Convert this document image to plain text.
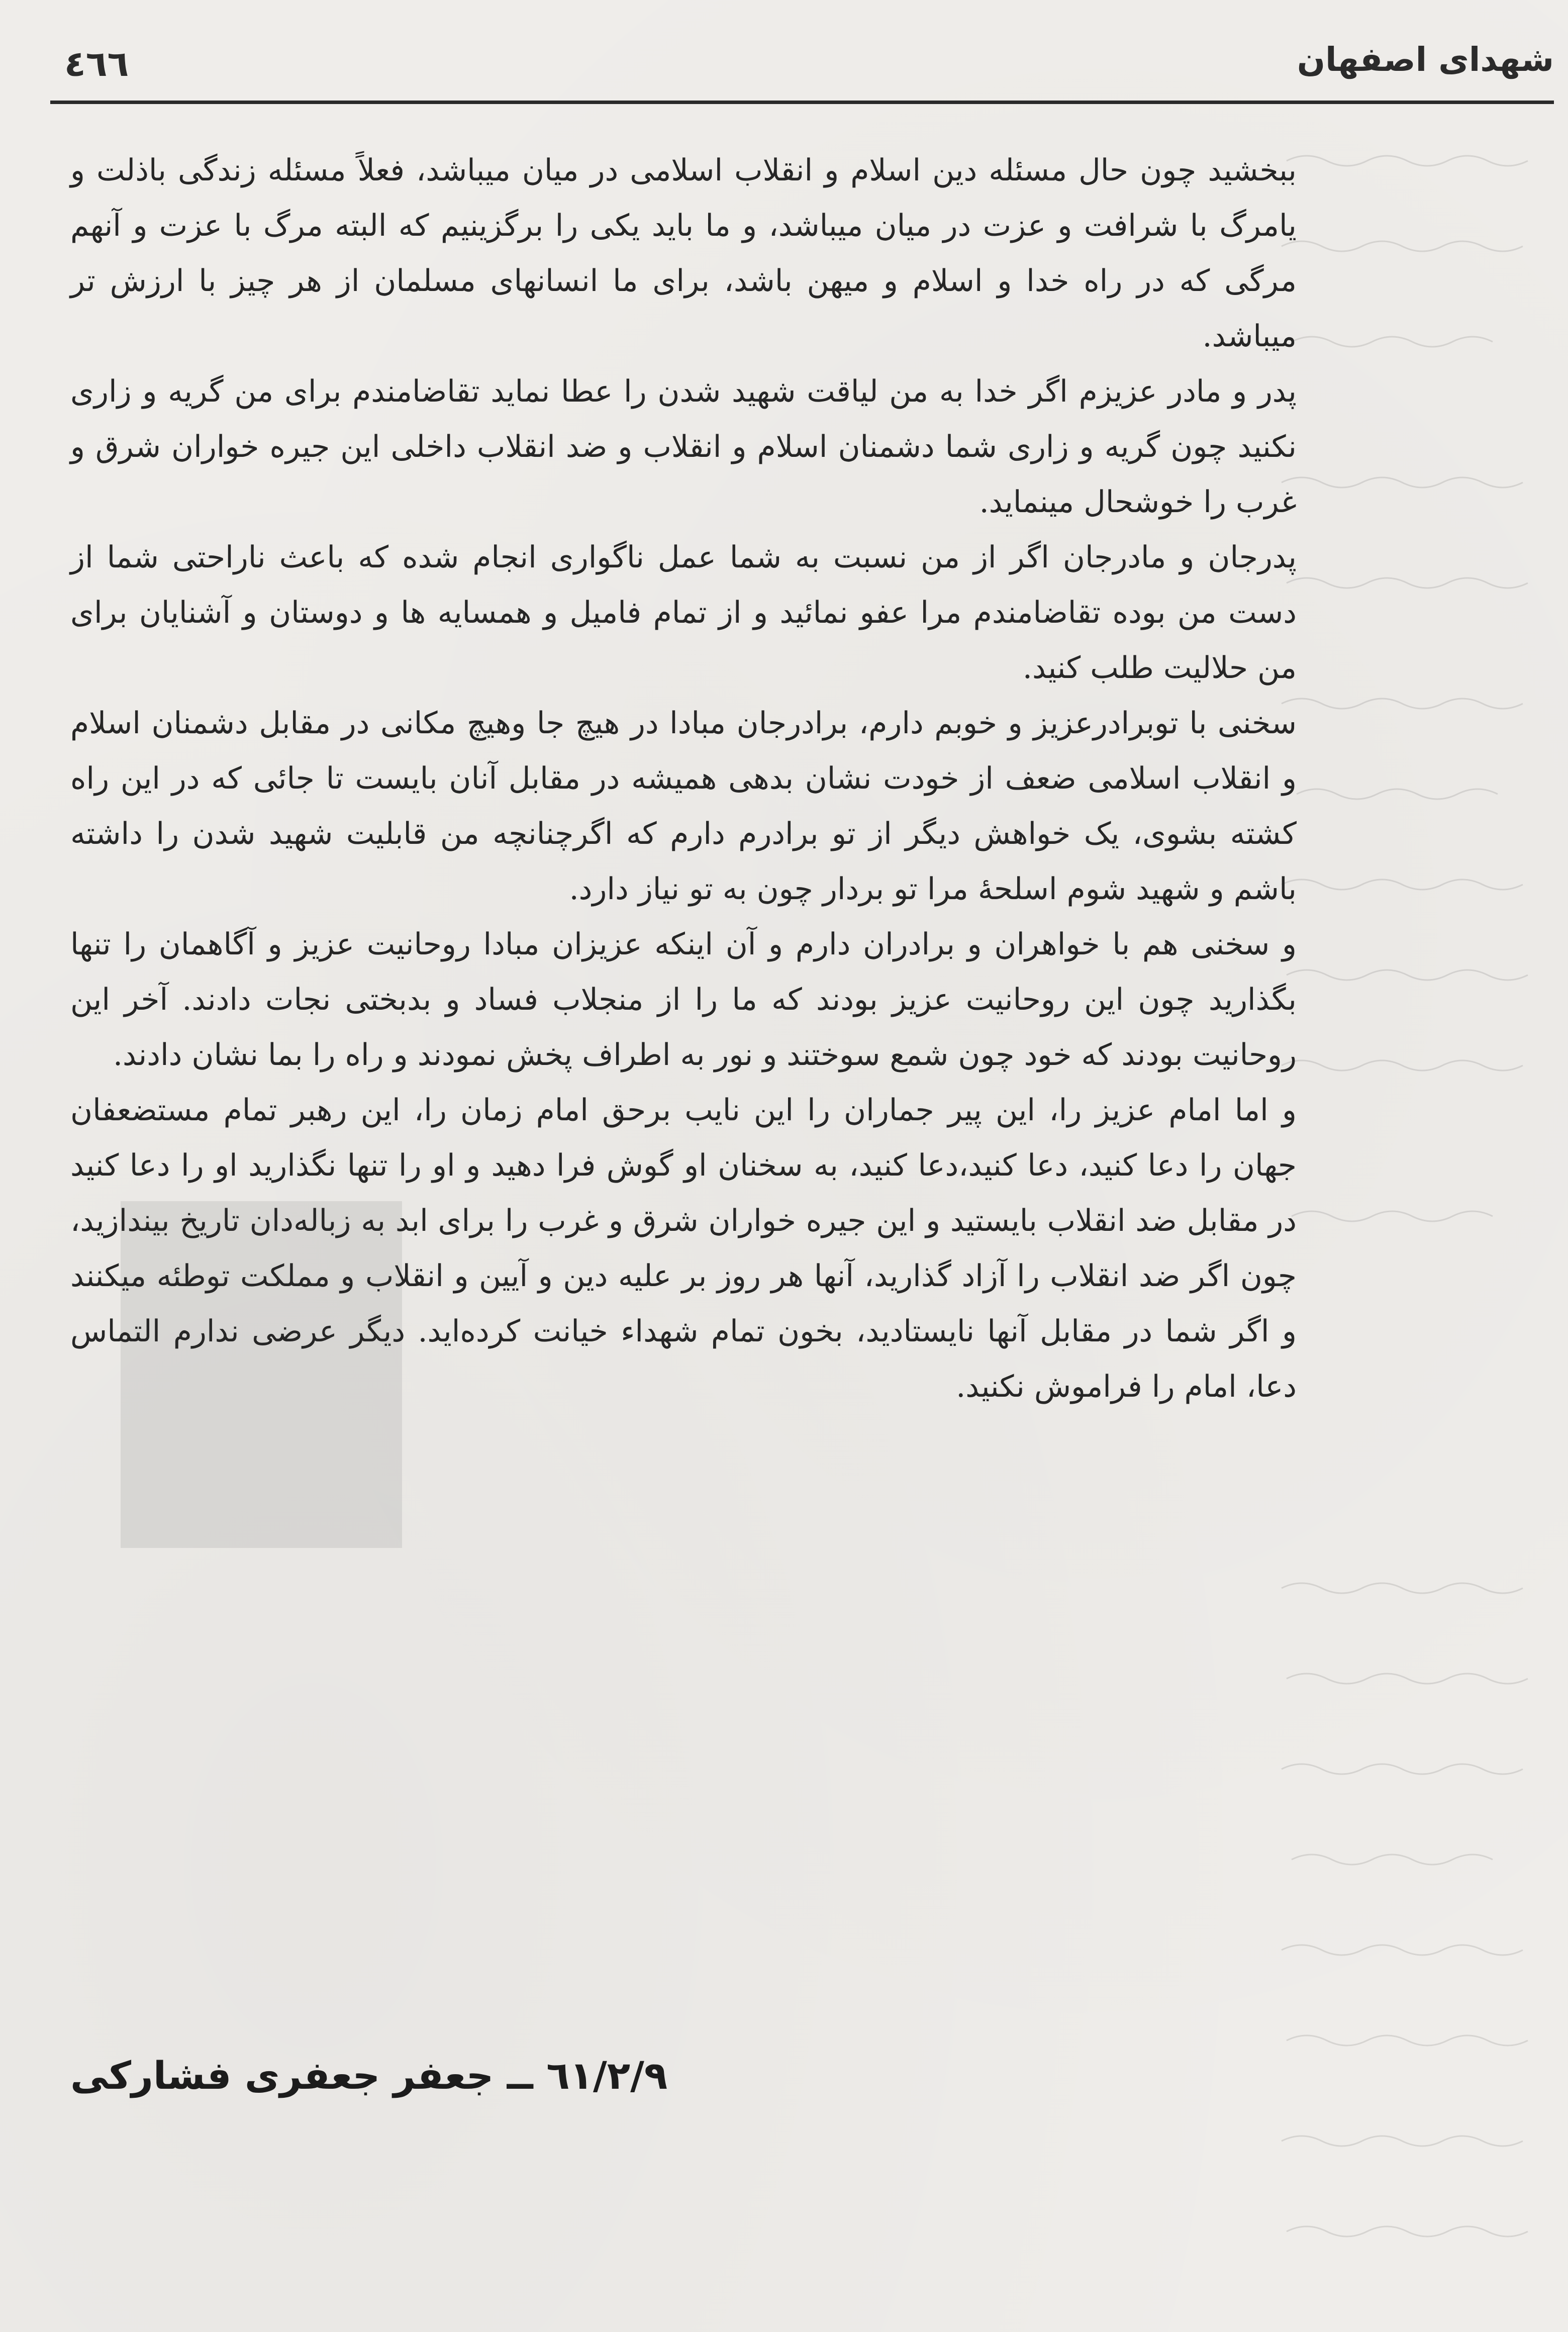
شهدای اصفهان
٤٦٦

ببخشید چون حال مسئله دین اسلام و انقلاب اسلامی در میان میباشد، فعلاً مسئله زندگی باذلت و یامرگ با شرافت و عزت در میان میباشد، و ما باید یکی را برگزینیم که البته مرگ با عزت و آنهم مرگی که در راه خدا و اسلام و میهن باشد، برای ما انسانهای مسلمان از هر چیز با ارزش تر میباشد.

پدر و مادر عزیزم اگر خدا به من لیاقت شهید شدن را عطا نماید تقاضامندم برای من گریه و زاری نکنید چون گریه و زاری شما دشمنان اسلام و انقلاب و ضد انقلاب داخلی این جیره خواران شرق و غرب را خوشحال مینماید.

پدرجان و مادرجان اگر از من نسبت به شما عمل ناگواری انجام شده که باعث ناراحتی شما از دست من بوده تقاضامندم مرا عفو نمائید و از تمام فامیل و همسایه ها و دوستان و آشنایان برای من حلالیت طلب کنید.

سخنی با توبرادرعزیز و خوبم دارم، برادرجان مبادا در هیچ جا وهیچ مکانی در مقابل دشمنان اسلام و انقلاب اسلامی ضعف از خودت نشان بدهی همیشه در مقابل آنان بایست تا جائی که در این راه کشته بشوی، یک خواهش دیگر از تو برادرم دارم که اگرچنانچه من قابلیت شهید شدن را داشته باشم و شهید شوم اسلحهٔ مرا تو بردار چون به تو نیاز دارد.

و سخنی هم با خواهران و برادران دارم و آن اینکه عزیزان مبادا روحانیت عزیز و آگاهمان را تنها بگذارید چون این روحانیت عزیز بودند که ما را از منجلاب فساد و بدبختی نجات دادند. آخر این روحانیت بودند که خود چون شمع سوختند و نور به اطراف پخش نمودند و راه را بما نشان دادند.

و اما امام عزیز را، این پیر جماران را این نایب برحق امام زمان را، این رهبر تمام مستضعفان جهان را دعا کنید، دعا کنید،دعا کنید، به سخنان او گوش فرا دهید و او را تنها نگذارید او را دعا کنید در مقابل ضد انقلاب بایستید و این جیره خواران شرق و غرب را برای ابد به زباله‌دان تاریخ بیندازید، چون اگر ضد انقلاب را آزاد گذارید، آنها هر روز بر علیه دین و آیین و انقلاب و مملکت توطئه میکنند و اگر شما در مقابل آنها نایستادید، بخون تمام شهداء خیانت کرده‌اید. دیگر عرضی ندارم التماس دعا، امام را فراموش نکنید.

٦١/٢/٩ ــ جعفر جعفری فشارکی
